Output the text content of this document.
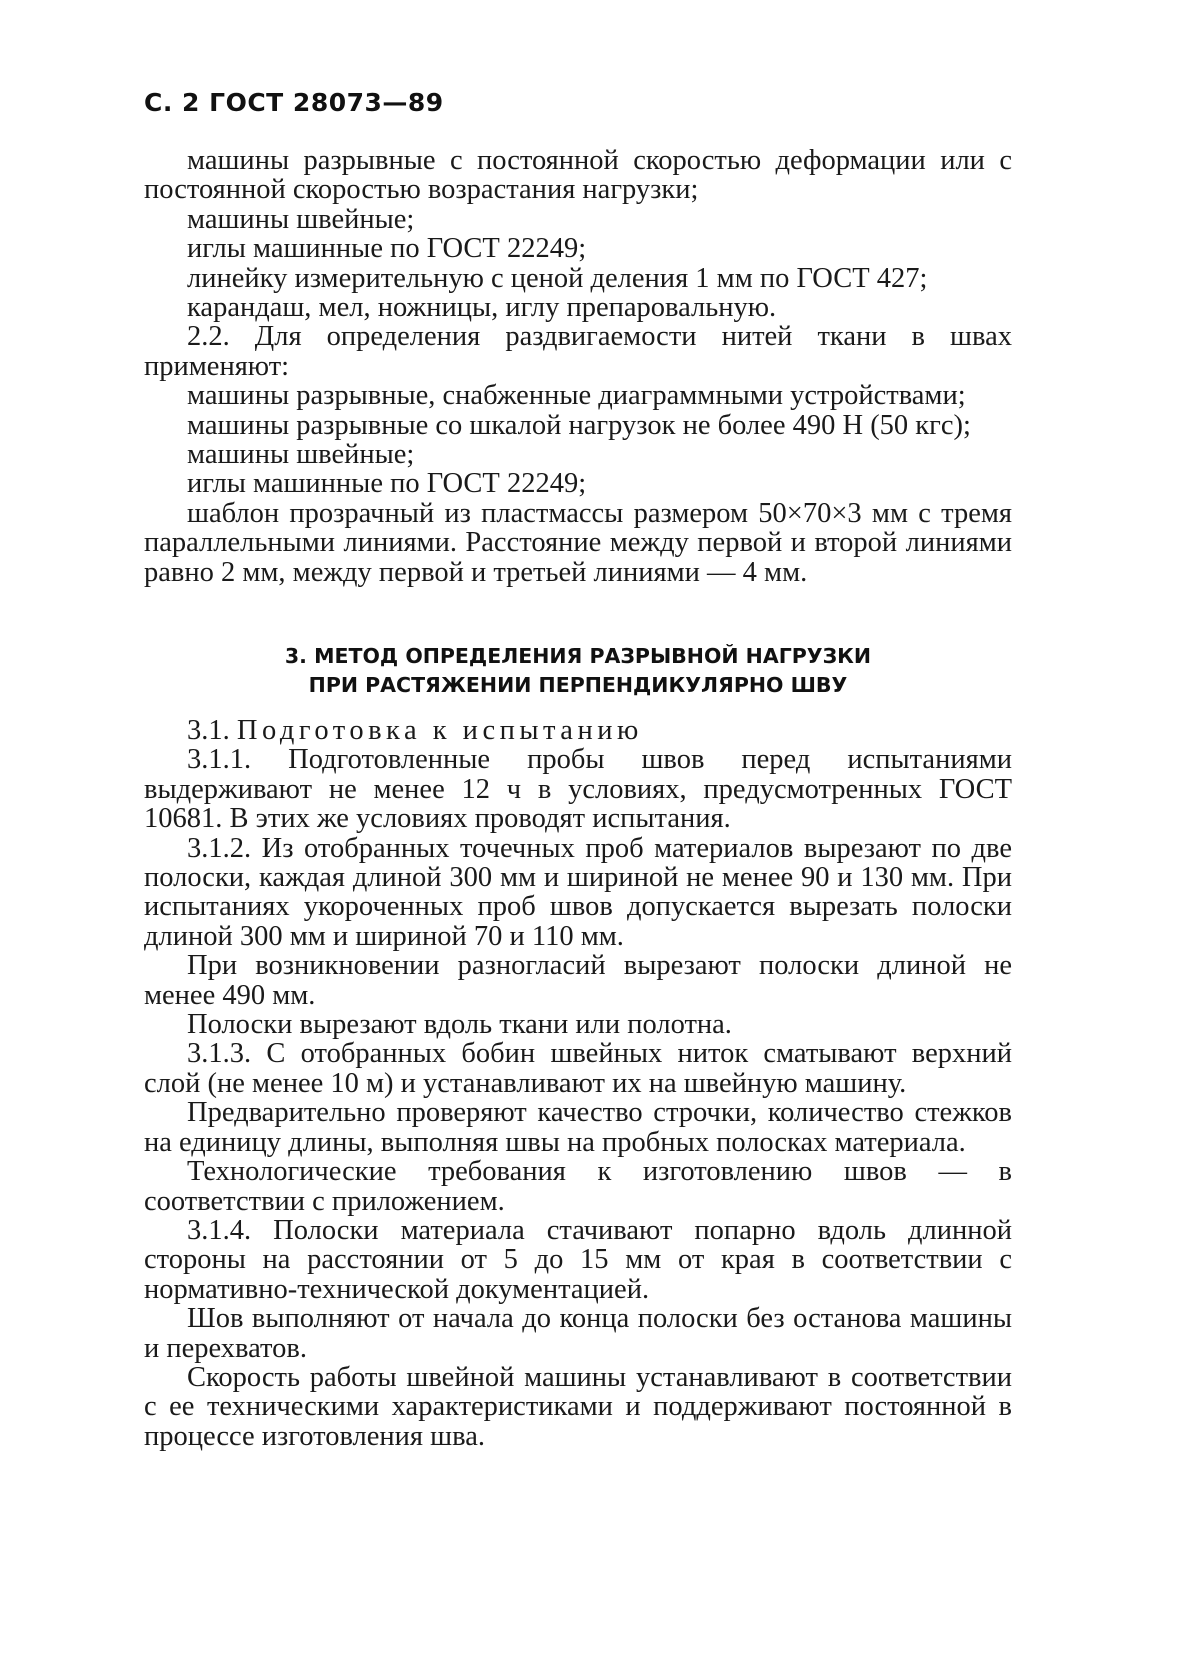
С. 2 ГОСТ 28073—89

машины разрывные с постоянной скоростью деформации или с постоянной скоростью возрастания нагрузки;

машины швейные;

иглы машинные по ГОСТ 22249;

линейку измерительную с ценой деления 1 мм по ГОСТ 427;

карандаш, мел, ножницы, иглу препаровальную.

2.2. Для определения раздвигаемости нитей ткани в швах применяют:

машины разрывные, снабженные диаграммными устройствами;

машины разрывные со шкалой нагрузок не более 490 Н (50 кгс);

машины швейные;

иглы машинные по ГОСТ 22249;

шаблон прозрачный из пластмассы размером 50×70×3 мм с тремя параллельными линиями. Расстояние между первой и второй линиями равно 2 мм, между первой и третьей линиями — 4 мм.

3. МЕТОД ОПРЕДЕЛЕНИЯ РАЗРЫВНОЙ НАГРУЗКИ
ПРИ РАСТЯЖЕНИИ ПЕРПЕНДИКУЛЯРНО ШВУ

3.1. Подготовка к испытанию

3.1.1. Подготовленные пробы швов перед испытаниями выдерживают не менее 12 ч в условиях, предусмотренных ГОСТ 10681. В этих же условиях проводят испытания.

3.1.2. Из отобранных точечных проб материалов вырезают по две полоски, каждая длиной 300 мм и шириной не менее 90 и 130 мм. При испытаниях укороченных проб швов допускается вырезать полоски длиной 300 мм и шириной 70 и 110 мм.

При возникновении разногласий вырезают полоски длиной не менее 490 мм.

Полоски вырезают вдоль ткани или полотна.

3.1.3. С отобранных бобин швейных ниток сматывают верхний слой (не менее 10 м) и устанавливают их на швейную машину.

Предварительно проверяют качество строчки, количество стежков на единицу длины, выполняя швы на пробных полосках материала.

Технологические требования к изготовлению швов — в соответствии с приложением.

3.1.4. Полоски материала стачивают попарно вдоль длинной стороны на расстоянии от 5 до 15 мм от края в соответствии с нормативно-технической документацией.

Шов выполняют от начала до конца полоски без останова машины и перехватов.

Скорость работы швейной машины устанавливают в соответствии с ее техническими характеристиками и поддерживают постоянной в процессе изготовления шва.
